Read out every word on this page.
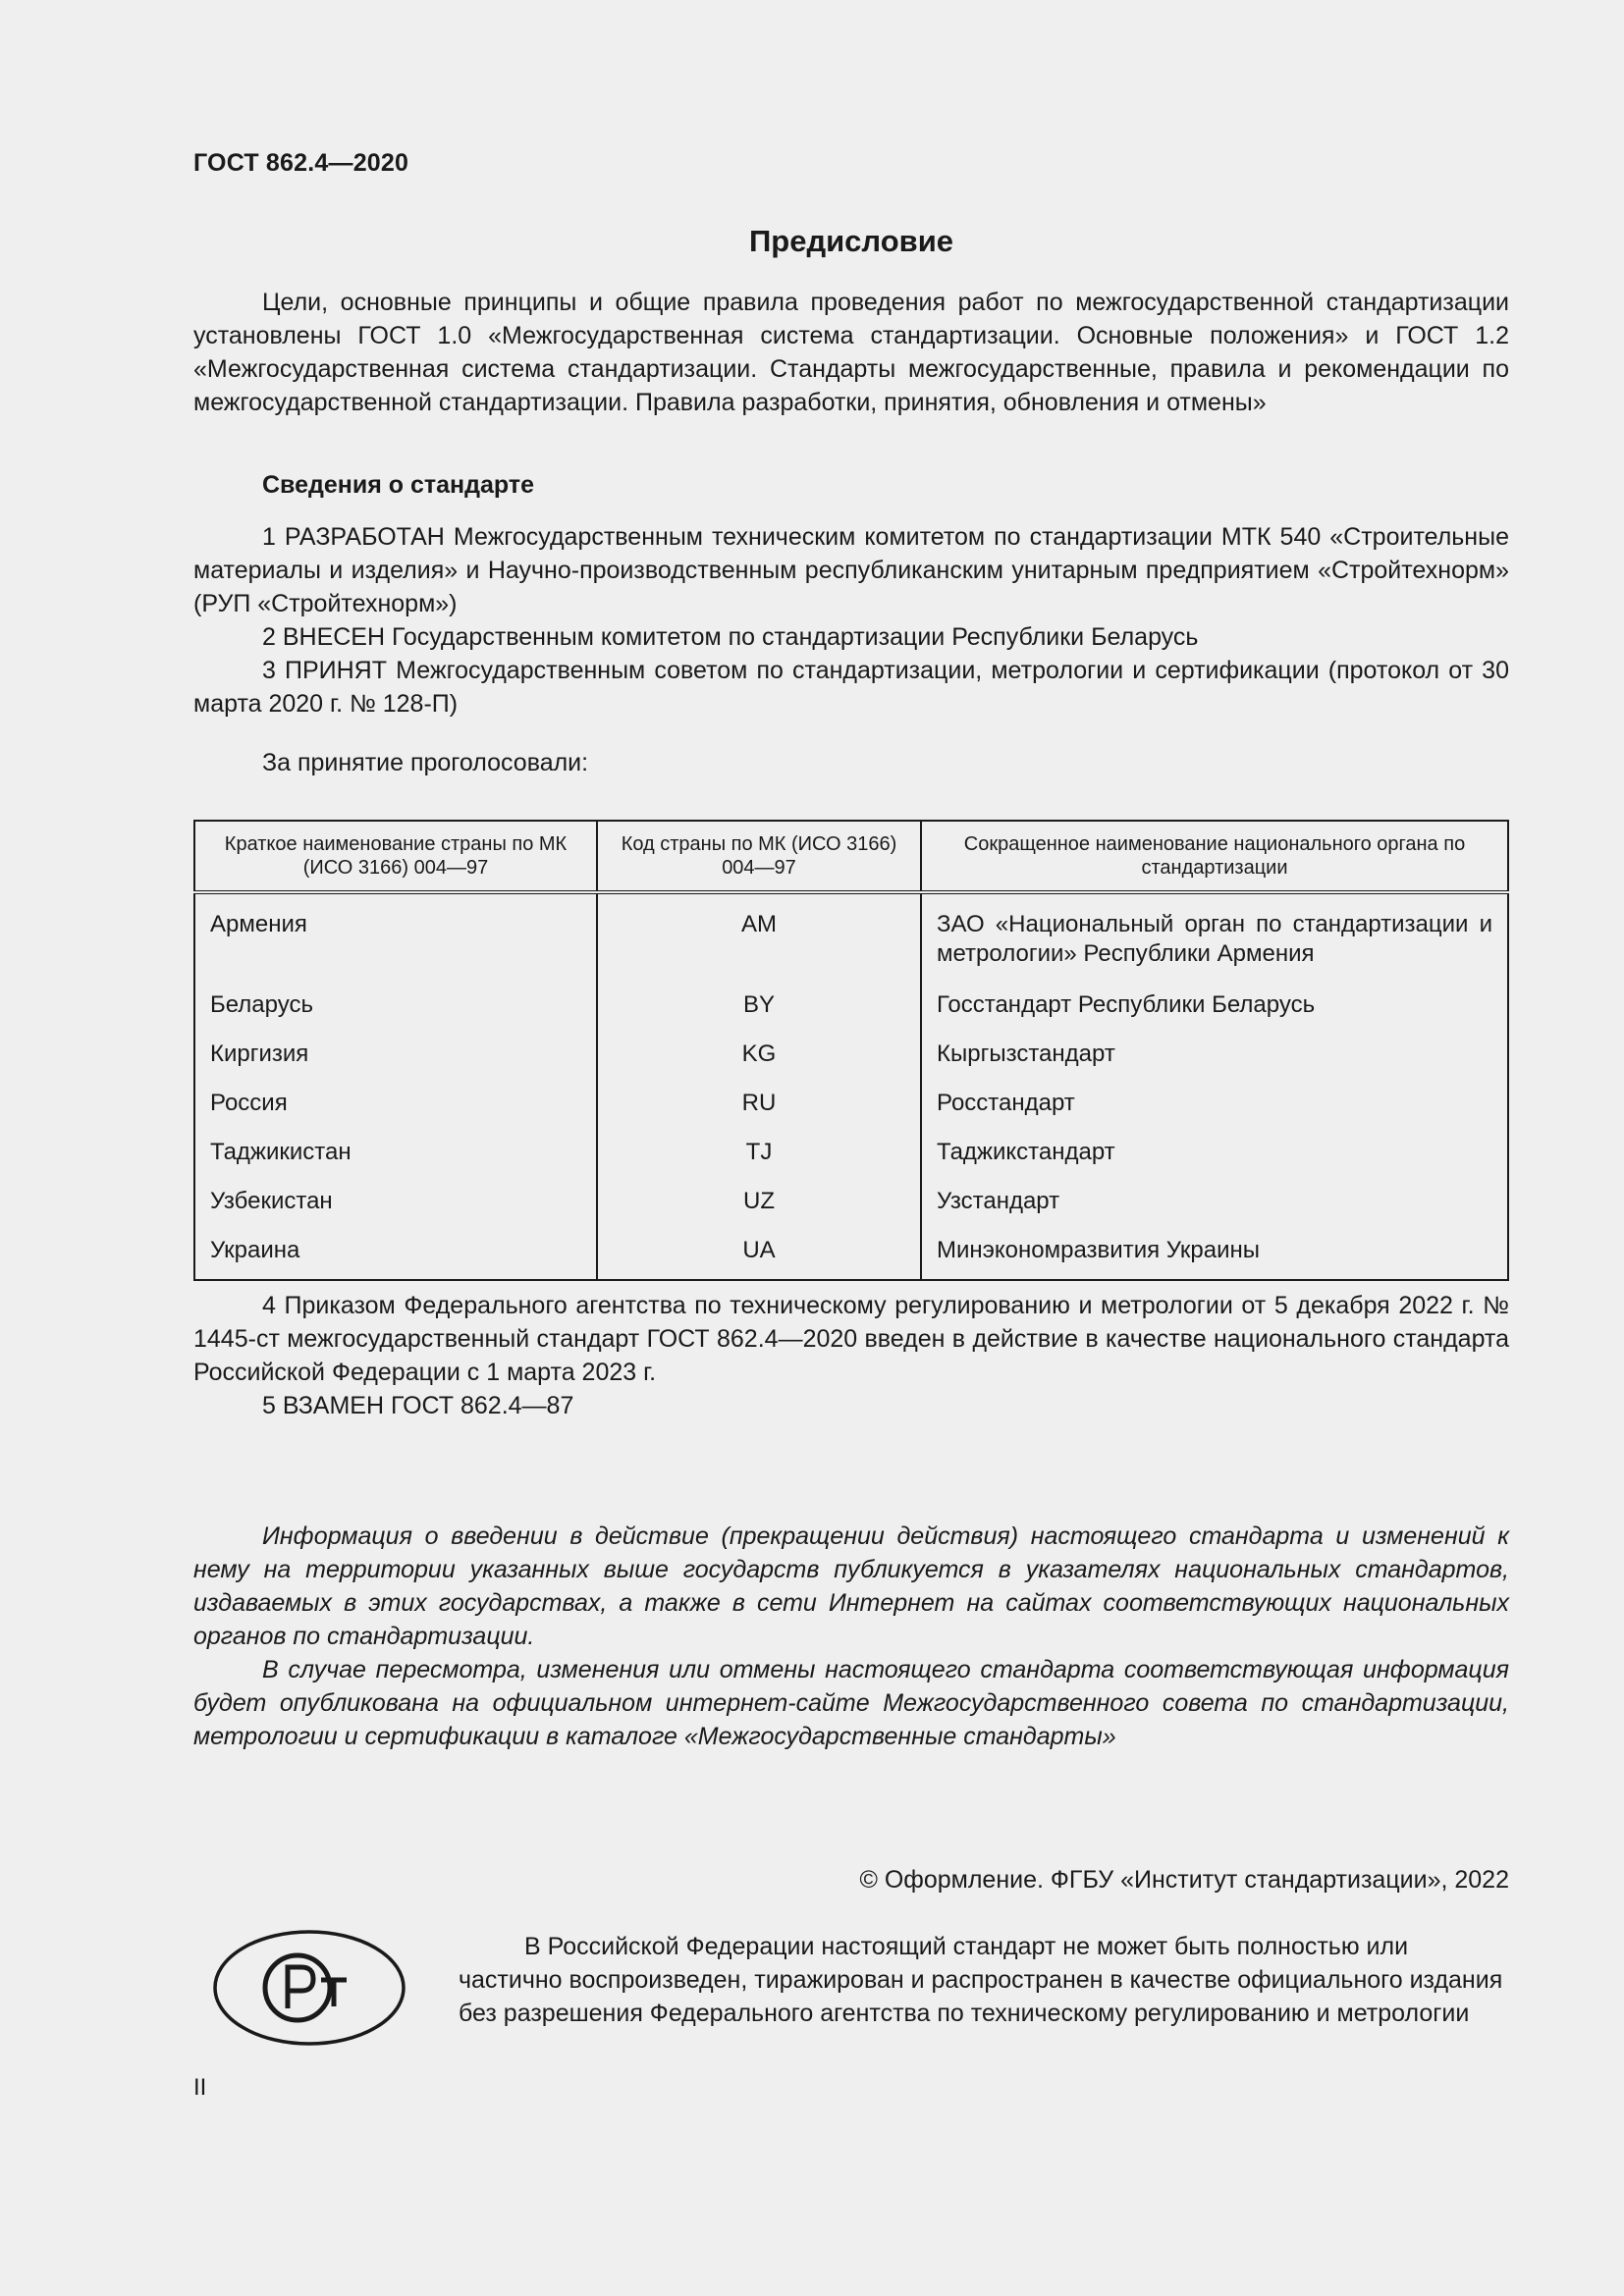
ГОСТ 862.4—2020
Предисловие

Цели, основные принципы и общие правила проведения работ по межгосударственной стандартизации установлены ГОСТ 1.0 «Межгосударственная система стандартизации. Основные положения» и ГОСТ 1.2 «Межгосударственная система стандартизации. Стандарты межгосударственные, правила и рекомендации по межгосударственной стандартизации. Правила разработки, принятия, обновления и отмены»

Сведения о стандарте

1 РАЗРАБОТАН Межгосударственным техническим комитетом по стандартизации МТК 540 «Строительные материалы и изделия» и Научно-производственным республиканским унитарным предприятием «Стройтехнорм» (РУП «Стройтехнорм»)

2 ВНЕСЕН Государственным комитетом по стандартизации Республики Беларусь

3 ПРИНЯТ Межгосударственным советом по стандартизации, метрологии и сертификации (протокол от 30 марта 2020 г. № 128-П)

За принятие проголосовали:
Краткое наименование страны по МК (ИСО 3166) 004—97	Код страны по МК (ИСО 3166) 004—97	Сокращенное наименование национального органа по стандартизации
Армения	AM	ЗАО «Национальный орган по стандартизации и метрологии» Республики Армения
Беларусь	BY	Госстандарт Республики Беларусь
Киргизия	KG	Кыргызстандарт
Россия	RU	Росстандарт
Таджикистан	TJ	Таджикстандарт
Узбекистан	UZ	Узстандарт
Украина	UA	Минэкономразвития Украины

4 Приказом Федерального агентства по техническому регулированию и метрологии от 5 декабря 2022 г. № 1445-ст межгосударственный стандарт ГОСТ 862.4—2020 введен в действие в качестве национального стандарта Российской Федерации с 1 марта 2023 г.

5 ВЗАМЕН ГОСТ 862.4—87

Информация о введении в действие (прекращении действия) настоящего стандарта и изменений к нему на территории указанных выше государств публикуется в указателях национальных стандартов, издаваемых в этих государствах, а также в сети Интернет на сайтах соответствующих национальных органов по стандартизации.

В случае пересмотра, изменения или отмены настоящего стандарта соответствующая информация будет опубликована на официальном интернет-сайте Межгосударственного совета по стандартизации, метрологии и сертификации в каталоге «Межгосударственные стандарты»

© Оформление. ФГБУ «Институт стандартизации», 2022

В Российской Федерации настоящий стандарт не может быть полностью или частично воспроизведен, тиражирован и распространен в качестве официального издания без разрешения Федерального агентства по техническому регулированию и метрологии

II
